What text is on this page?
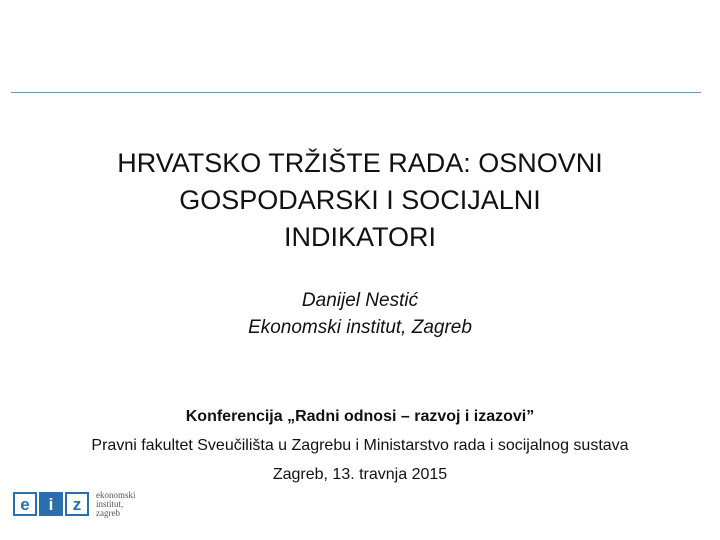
HRVATSKO TRŽIŠTE RADA: OSNOVNI
GOSPODARSKI I SOCIJALNI
INDIKATORI
Danijel Nestić
Ekonomski institut, Zagreb
Konferencija „Radni odnosi – razvoj i izazovi”
Pravni fakultet Sveučilišta u Zagrebu i Ministarstvo rada i socijalnog sustava
Zagreb, 13. travnja 2015
e	i	z	ekonomski
institut,
zagreb
